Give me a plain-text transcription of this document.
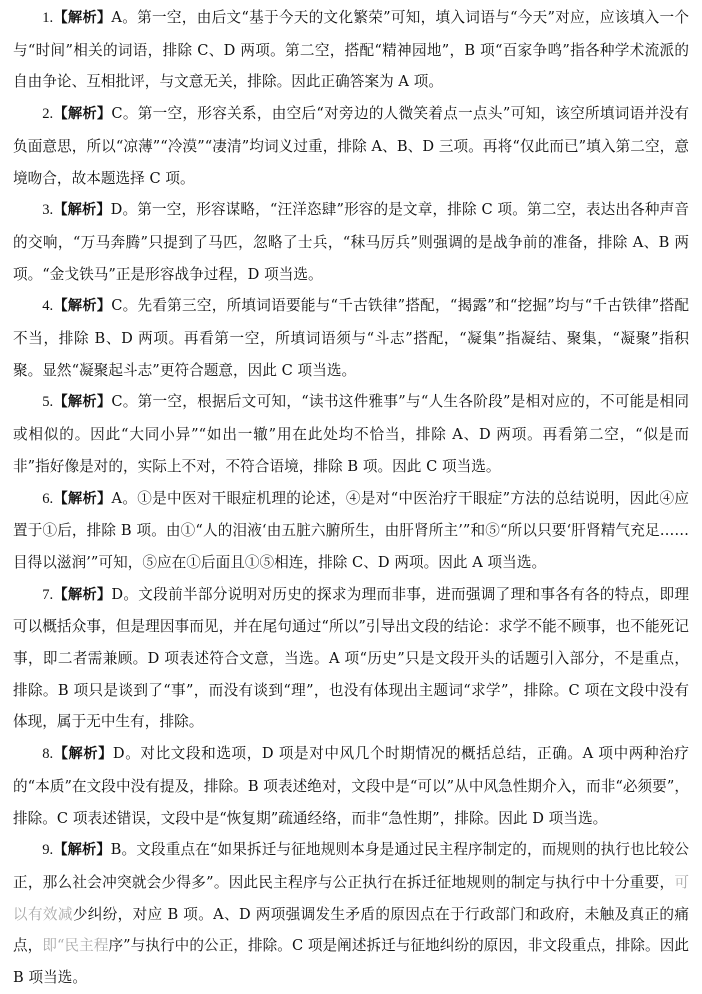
1.【解析】A。第一空，由后文“基于今天的文化繁荣”可知，填入词语与“今天”对应，应该填入一个与“时间”相关的词语，排除 C、D 两项。第二空，搭配“精神园地”，B 项“百家争鸣”指各种学术流派的自由争论、互相批评，与文意无关，排除。因此正确答案为 A 项。

2.【解析】C。第一空，形容关系，由空后“对旁边的人微笑着点一点头”可知，该空所填词语并没有负面意思，所以“凉薄”“冷漠”“凄清”均词义过重，排除 A、B、D 三项。再将“仅此而已”填入第二空，意境吻合，故本题选择 C 项。

3.【解析】D。第一空，形容谋略，“汪洋恣肆”形容的是文章，排除 C 项。第二空，表达出各种声音的交响，“万马奔腾”只提到了马匹，忽略了士兵，“秣马厉兵”则强调的是战争前的准备，排除 A、B 两项。“金戈铁马”正是形容战争过程，D 项当选。

4.【解析】C。先看第三空，所填词语要能与“千古铁律”搭配，“揭露”和“挖掘”均与“千古铁律”搭配不当，排除 B、D 两项。再看第一空，所填词语须与“斗志”搭配，“凝集”指凝结、聚集，“凝聚”指积聚。显然“凝聚起斗志”更符合题意，因此 C 项当选。

5.【解析】C。第一空，根据后文可知，“读书这件雅事”与“人生各阶段”是相对应的，不可能是相同或相似的。因此“大同小异”“如出一辙”用在此处均不恰当，排除 A、D 两项。再看第二空，“似是而非”指好像是对的，实际上不对，不符合语境，排除 B 项。因此 C 项当选。

6.【解析】A。①是中医对干眼症机理的论述，④是对“中医治疗干眼症”方法的总结说明，因此④应置于①后，排除 B 项。由①“人的泪液‘由五脏六腑所生，由肝肾所主’”和⑤“所以只要‘肝肾精气充足……目得以滋润’”可知，⑤应在①后面且①⑤相连，排除 C、D 两项。因此 A 项当选。

7.【解析】D。文段前半部分说明对历史的探求为理而非事，进而强调了理和事各有各的特点，即理可以概括众事，但是理因事而见，并在尾句通过“所以”引导出文段的结论：求学不能不顾事，也不能死记事，即二者需兼顾。D 项表述符合文意，当选。A 项“历史”只是文段开头的话题引入部分，不是重点，排除。B 项只是谈到了“事”，而没有谈到“理”，也没有体现出主题词“求学”，排除。C 项在文段中没有体现，属于无中生有，排除。

8.【解析】D。对比文段和选项，D 项是对中风几个时期情况的概括总结，正确。A 项中两种治疗的“本质”在文段中没有提及，排除。B 项表述绝对，文段中是“可以”从中风急性期介入，而非“必须要”，排除。C 项表述错误，文段中是“恢复期”疏通经络，而非“急性期”，排除。因此 D 项当选。

9.【解析】B。文段重点在“如果拆迁与征地规则本身是通过民主程序制定的，而规则的执行也比较公正，那么社会冲突就会少得多”。因此民主程序与公正执行在拆迁征地规则的制定与执行中十分重要，可以有效减少纠纷，对应 B 项。A、D 两项强调发生矛盾的原因点在于行政部门和政府，未触及真正的痛点，即“民主程序”与执行中的公正，排除。C 项是阐述拆迁与征地纠纷的原因，非文段重点，排除。因此 B 项当选。
